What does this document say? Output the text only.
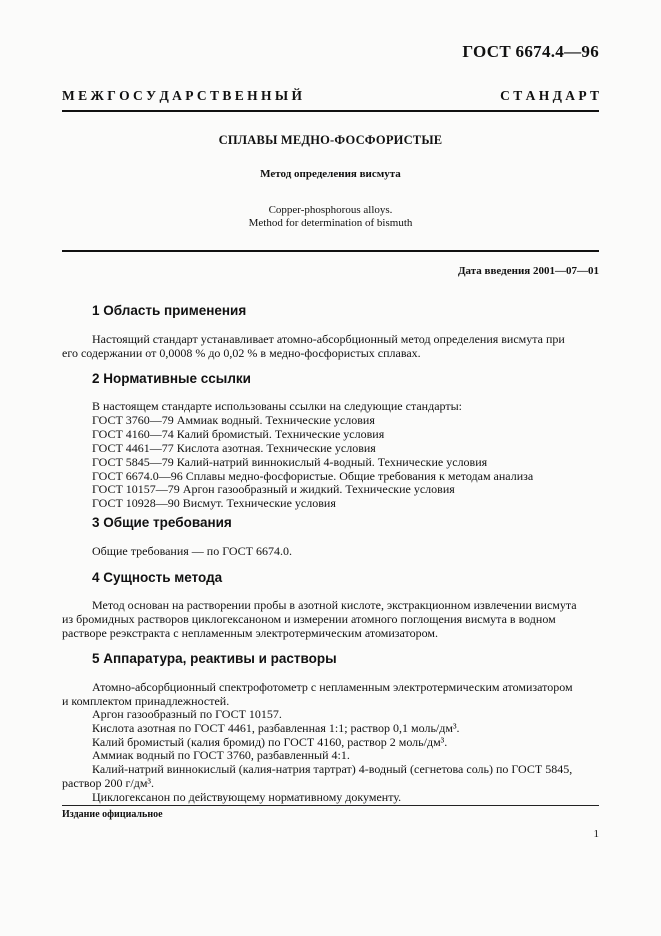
ГОСТ 6674.4—96
М Е Ж Г О С У Д А Р С Т В Е Н Н Ы Й	С Т А Н Д А Р Т
СПЛАВЫ МЕДНО-ФОСФОРИСТЫЕ
Метод определения висмута
Copper-phosphorous alloys.
Method for determination of bismuth
Дата введения 2001—07—01
1 Область применения
Настоящий стандарт устанавливает атомно-абсорбционный метод определения висмута при
его содержании от 0,0008 % до 0,02 % в медно-фосфористых сплавах.
2 Нормативные ссылки
В настоящем стандарте использованы ссылки на следующие стандарты:
ГОСТ 3760—79 Аммиак водный. Технические условия
ГОСТ 4160—74 Калий бромистый. Технические условия
ГОСТ 4461—77 Кислота азотная. Технические условия
ГОСТ 5845—79 Калий-натрий виннокислый 4-водный. Технические условия
ГОСТ 6674.0—96 Сплавы медно-фосфористые. Общие требования к методам анализа
ГОСТ 10157—79 Аргон газообразный и жидкий. Технические условия
ГОСТ 10928—90 Висмут. Технические условия
3 Общие требования
Общие требования — по ГОСТ 6674.0.
4 Сущность метода
Метод основан на растворении пробы в азотной кислоте, экстракционном извлечении висмута
из бромидных растворов циклогексаноном и измерении атомного поглощения висмута в водном
растворе реэкстракта с непламенным электротермическим атомизатором.
5 Аппаратура, реактивы и растворы
Атомно-абсорбционный спектрофотометр с непламенным электротермическим атомизатором
и комплектом принадлежностей.
Аргон газообразный по ГОСТ 10157.
Кислота азотная по ГОСТ 4461, разбавленная 1:1; раствор 0,1 моль/дм³.
Калий бромистый (калия бромид) по ГОСТ 4160, раствор 2 моль/дм³.
Аммиак водный по ГОСТ 3760, разбавленный 4:1.
Калий-натрий виннокислый (калия-натрия тартрат) 4-водный (сегнетова соль) по ГОСТ 5845,
раствор 200 г/дм³.
Циклогексанон по действующему нормативному документу.
Издание официальное
1
